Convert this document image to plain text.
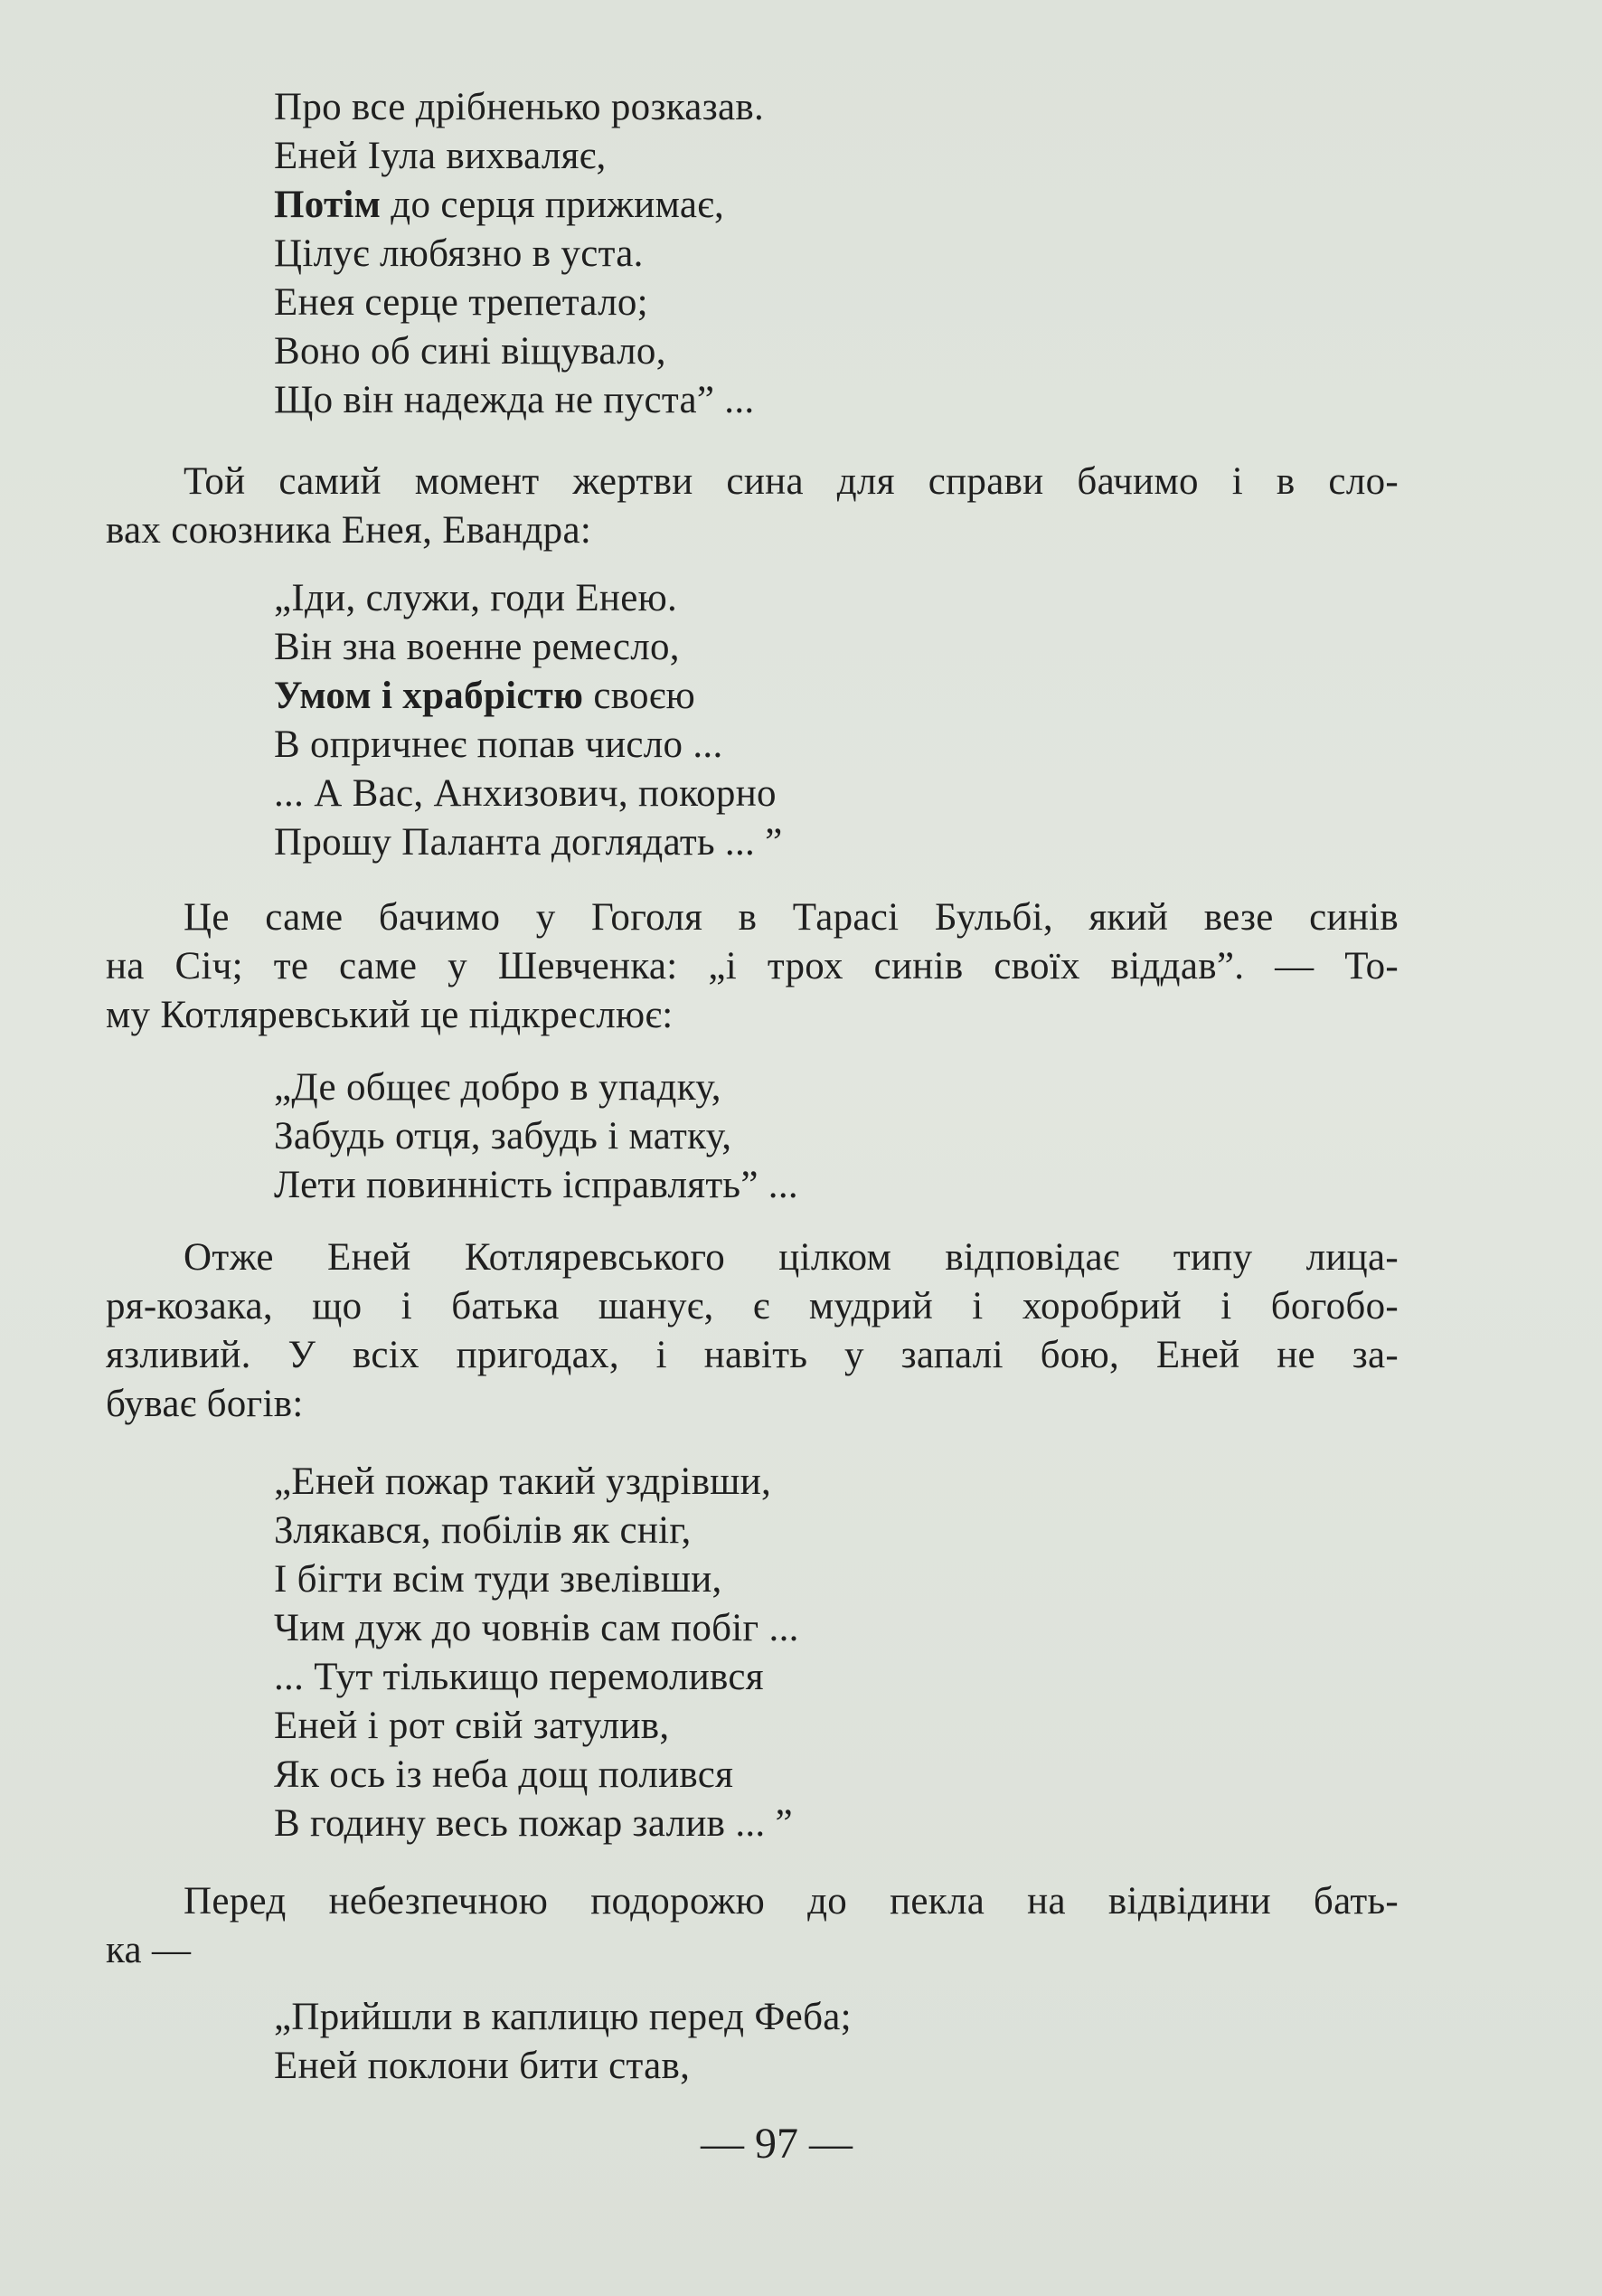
Про все дрібненько розказав.
Еней Іула вихваляє,
Потім до серця прижимає,
Цілує любязно в уста.
Енея серце трепетало;
Воно об сині віщувало,
Що він надежда не пуста” ...
Той самий момент жертви сина для справи бачимо і в сло-
вах союзника Енея, Евандра:
„Іди, служи, годи Енею.
Він зна военне ремесло,
Умом і храбрістю своєю
В опричнеє попав число ...
... А Вас, Анхизович, покорно
Прошу Паланта доглядать ... ”
Це саме бачимо у Гоголя в Тарасі Бульбі, який везе синів
на Січ; те саме у Шевченка: „і трох синів своїх віддав”. — То-
му Котляревський це підкреслює:
„Де общеє добро в упадку,
Забудь отця, забудь і матку,
Лети повинність ісправлять” ...
Отже Еней Котляревського цілком відповідає типу лица-
ря-козака, що і батька шанує, є мудрий і хоробрий і богобо-
язливий. У всіх пригодах, і навіть у запалі бою, Еней не за-
буває богів:
„Еней пожар такий уздрівши,
Злякався, побілів як сніг,
І бігти всім туди звелівши,
Чим дуж до човнів сам побіг ...
... Тут тількищо перемолився
Еней і рот свій затулив,
Як ось із неба дощ полився
В годину весь пожар залив ... ”
Перед небезпечною подорожю до пекла на відвідини бать-
ка —
„Прийшли в каплицю перед Феба;
Еней поклони бити став,
— 97 —
